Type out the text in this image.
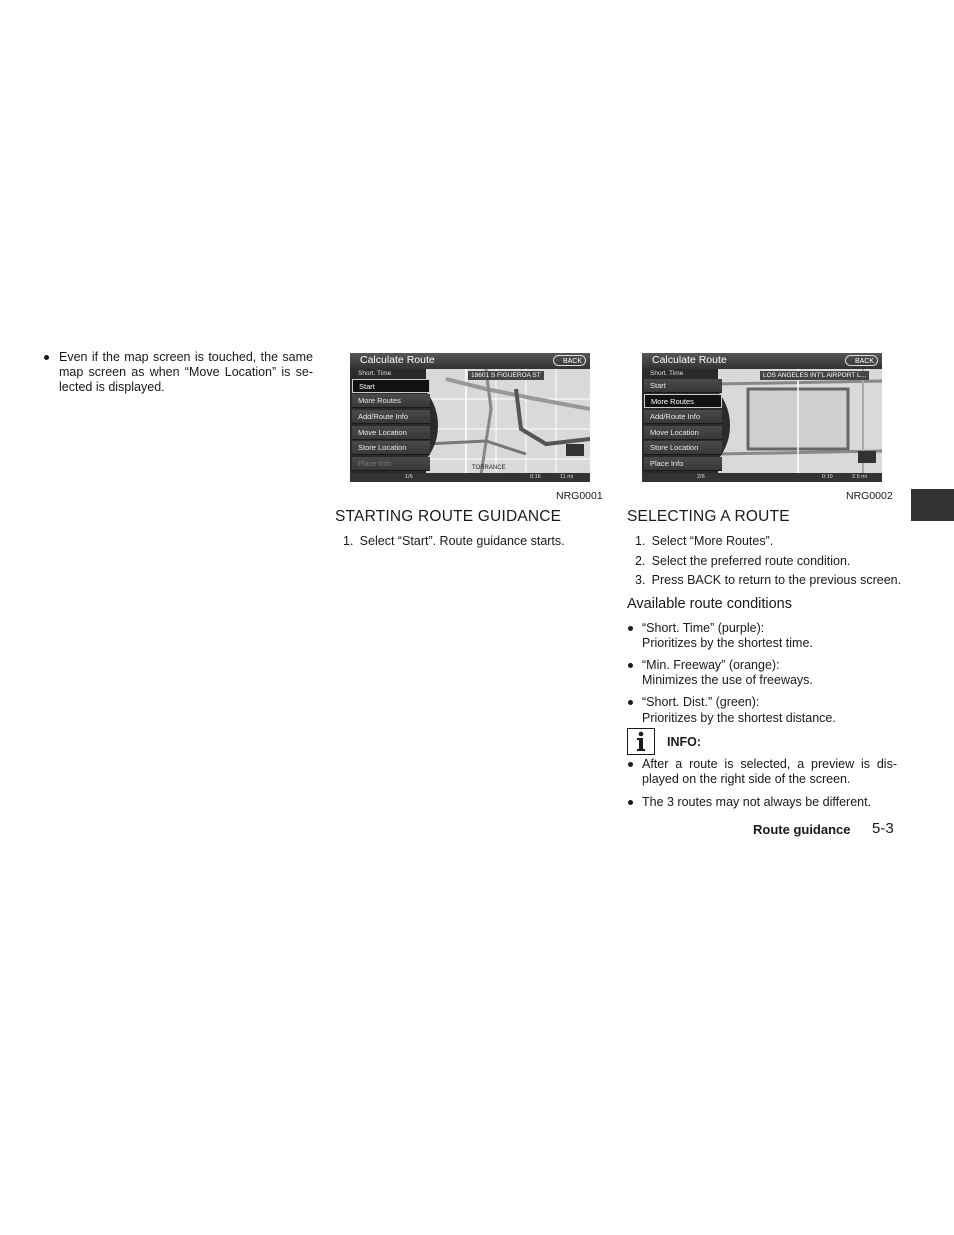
Even if the map screen is touched, the same
map screen as when “Move Location” is se-
lected is displayed.
Calculate Route	BACK
Short. Time
Start
More Routes
Add/Route Info
Move Location
Store Location
Place Info
18601 S FIGUEROA ST
TORRANCE
1/6	0:16	11 mi
NRG0001
Calculate Route	BACK
Short. Time
Start
More Routes
Add/Route Info
Move Location
Store Location
Place Info
LOS ANGELES INT'L AIRPORT L...
2/6	0:10	2.5 mi
NRG0002
STARTING ROUTE GUIDANCE
1. Select “Start”. Route guidance starts.
SELECTING A ROUTE
1. Select “More Routes”.
2. Select the preferred route condition.
3. Press BACK to return to the previous screen.
Available route conditions
“Short. Time” (purple):
Prioritizes by the shortest time.
“Min. Freeway” (orange):
Minimizes the use of freeways.
“Short. Dist.” (green):
Prioritizes by the shortest distance.
INFO:
After a route is selected, a preview is dis-
played on the right side of the screen.
The 3 routes may not always be different.
Route guidance 5-3
